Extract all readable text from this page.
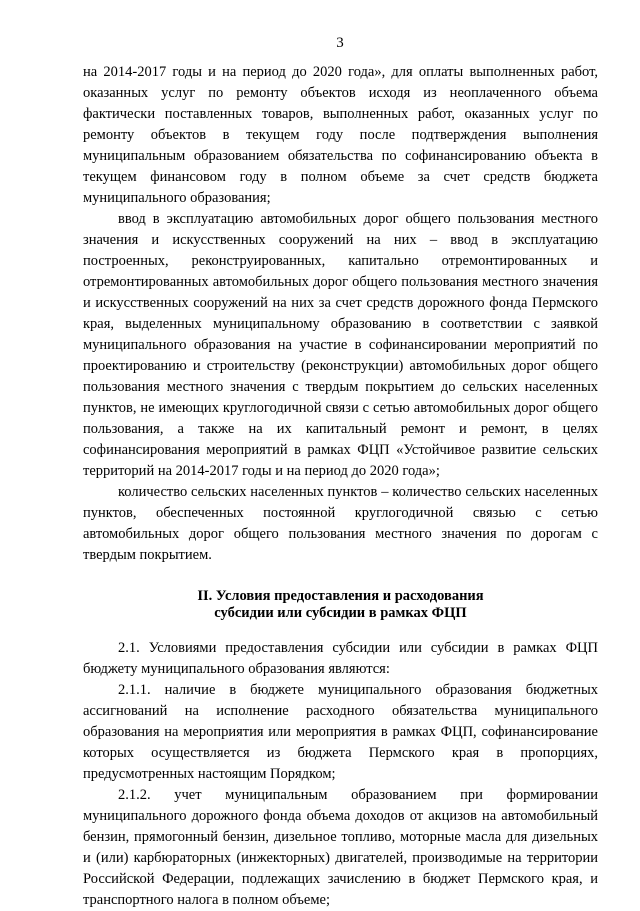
3

на 2014-2017 годы и на период до 2020 года», для оплаты выполненных работ, оказанных услуг по ремонту объектов исходя из неоплаченного объема фактически поставленных товаров, выполненных работ, оказанных услуг по ремонту объектов в текущем году после подтверждения выполнения муниципальным образованием обязательства по софинансированию объекта в текущем финансовом году в полном объеме за счет средств бюджета муниципального образования;

ввод в эксплуатацию автомобильных дорог общего пользования местного значения и искусственных сооружений на них – ввод в эксплуатацию построенных, реконструированных, капитально отремонтированных и отремонтированных автомобильных дорог общего пользования местного значения и искусственных сооружений на них за счет средств дорожного фонда Пермского края, выделенных муниципальному образованию в соответствии с заявкой муниципального образования на участие в софинансировании мероприятий по проектированию и строительству (реконструкции) автомобильных дорог общего пользования местного значения с твердым покрытием до сельских населенных пунктов, не имеющих круглогодичной связи с сетью автомобильных дорог общего пользования, а также на их капитальный ремонт и ремонт, в целях софинансирования мероприятий в рамках ФЦП «Устойчивое развитие сельских территорий на 2014-2017 годы и на период до 2020 года»;

количество сельских населенных пунктов – количество сельских населенных пунктов, обеспеченных постоянной круглогодичной связью с сетью автомобильных дорог общего пользования местного значения по дорогам с твердым покрытием.

II. Условия предоставления и расходования
субсидии или субсидии в рамках ФЦП

2.1. Условиями предоставления субсидии или субсидии в рамках ФЦП бюджету муниципального образования являются:

2.1.1. наличие в бюджете муниципального образования бюджетных ассигнований на исполнение расходного обязательства муниципального образования на мероприятия или мероприятия в рамках ФЦП, софинансирование которых осуществляется из бюджета Пермского края в пропорциях, предусмотренных настоящим Порядком;

2.1.2. учет муниципальным образованием при формировании муниципального дорожного фонда объема доходов от акцизов на автомобильный бензин, прямогонный бензин, дизельное топливо, моторные масла для дизельных и (или) карбюраторных (инжекторных) двигателей, производимые на территории Российской Федерации, подлежащих зачислению в бюджет Пермского края, и транспортного налога в полном объеме;
